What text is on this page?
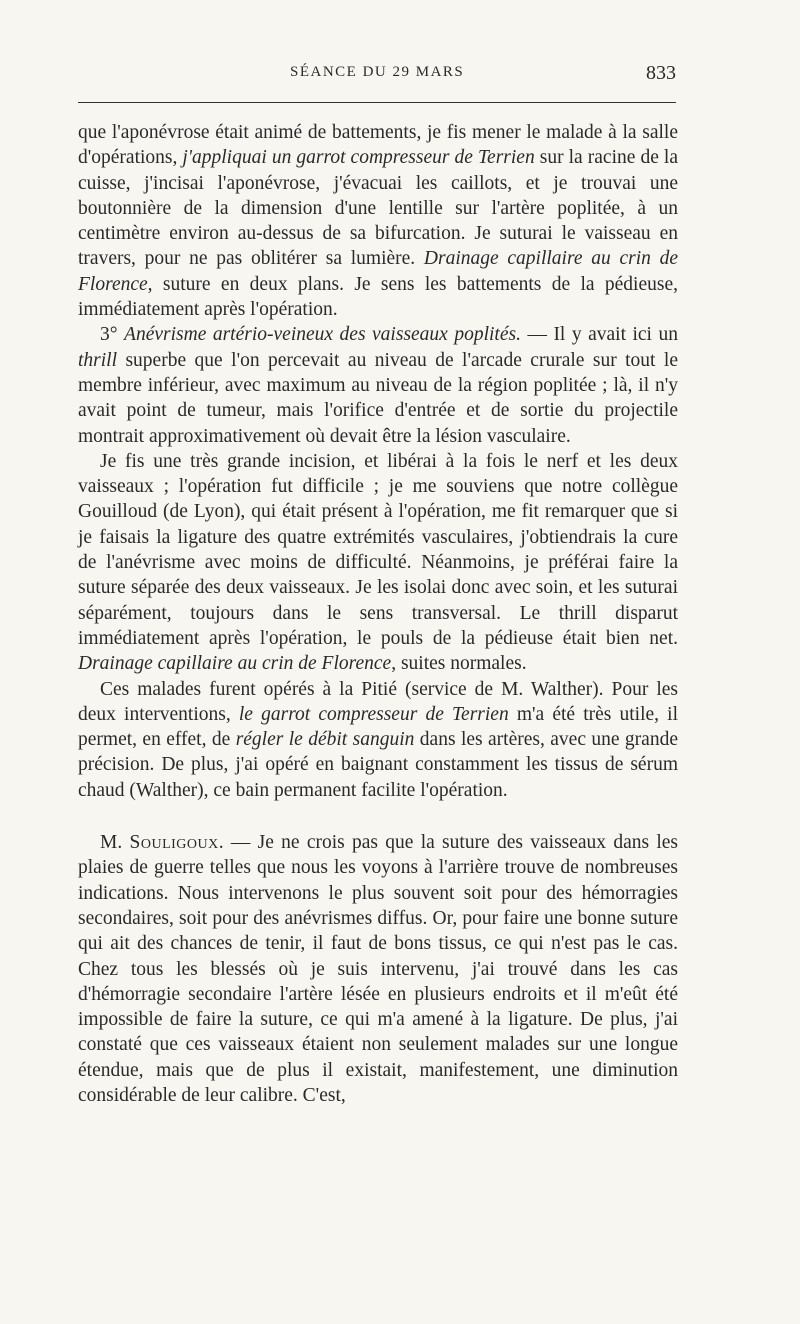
SÉANCE DU 29 MARS	833

que l'aponévrose était animé de battements, je fis mener le malade à la salle d'opérations, j'appliquai un garrot compresseur de Terrien sur la racine de la cuisse, j'incisai l'aponévrose, j'évacuai les caillots, et je trouvai une boutonnière de la dimension d'une lentille sur l'artère poplitée, à un centimètre environ au-dessus de sa bifurcation. Je suturai le vaisseau en travers, pour ne pas oblitérer sa lumière. Drainage capillaire au crin de Florence, suture en deux plans. Je sens les battements de la pédieuse, immédiatement après l'opération.

3° Anévrisme artério-veineux des vaisseaux poplités. — Il y avait ici un thrill superbe que l'on percevait au niveau de l'arcade crurale sur tout le membre inférieur, avec maximum au niveau de la région poplitée ; là, il n'y avait point de tumeur, mais l'orifice d'entrée et de sortie du projectile montrait approximativement où devait être la lésion vasculaire.

Je fis une très grande incision, et libérai à la fois le nerf et les deux vaisseaux ; l'opération fut difficile ; je me souviens que notre collègue Gouilloud (de Lyon), qui était présent à l'opération, me fit remarquer que si je faisais la ligature des quatre extrémités vasculaires, j'obtiendrais la cure de l'anévrisme avec moins de difficulté. Néanmoins, je préférai faire la suture séparée des deux vaisseaux. Je les isolai donc avec soin, et les suturai séparément, toujours dans le sens transversal. Le thrill disparut immédiatement après l'opération, le pouls de la pédieuse était bien net. Drainage capillaire au crin de Florence, suites normales.

Ces malades furent opérés à la Pitié (service de M. Walther). Pour les deux interventions, le garrot compresseur de Terrien m'a été très utile, il permet, en effet, de régler le débit sanguin dans les artères, avec une grande précision. De plus, j'ai opéré en baignant constamment les tissus de sérum chaud (Walther), ce bain permanent facilite l'opération.

M. Souligoux. — Je ne crois pas que la suture des vaisseaux dans les plaies de guerre telles que nous les voyons à l'arrière trouve de nombreuses indications. Nous intervenons le plus souvent soit pour des hémorragies secondaires, soit pour des anévrismes diffus. Or, pour faire une bonne suture qui ait des chances de tenir, il faut de bons tissus, ce qui n'est pas le cas. Chez tous les blessés où je suis intervenu, j'ai trouvé dans les cas d'hémorragie secondaire l'artère lésée en plusieurs endroits et il m'eût été impossible de faire la suture, ce qui m'a amené à la ligature. De plus, j'ai constaté que ces vaisseaux étaient non seulement malades sur une longue étendue, mais que de plus il existait, manifestement, une diminution considérable de leur calibre. C'est,
